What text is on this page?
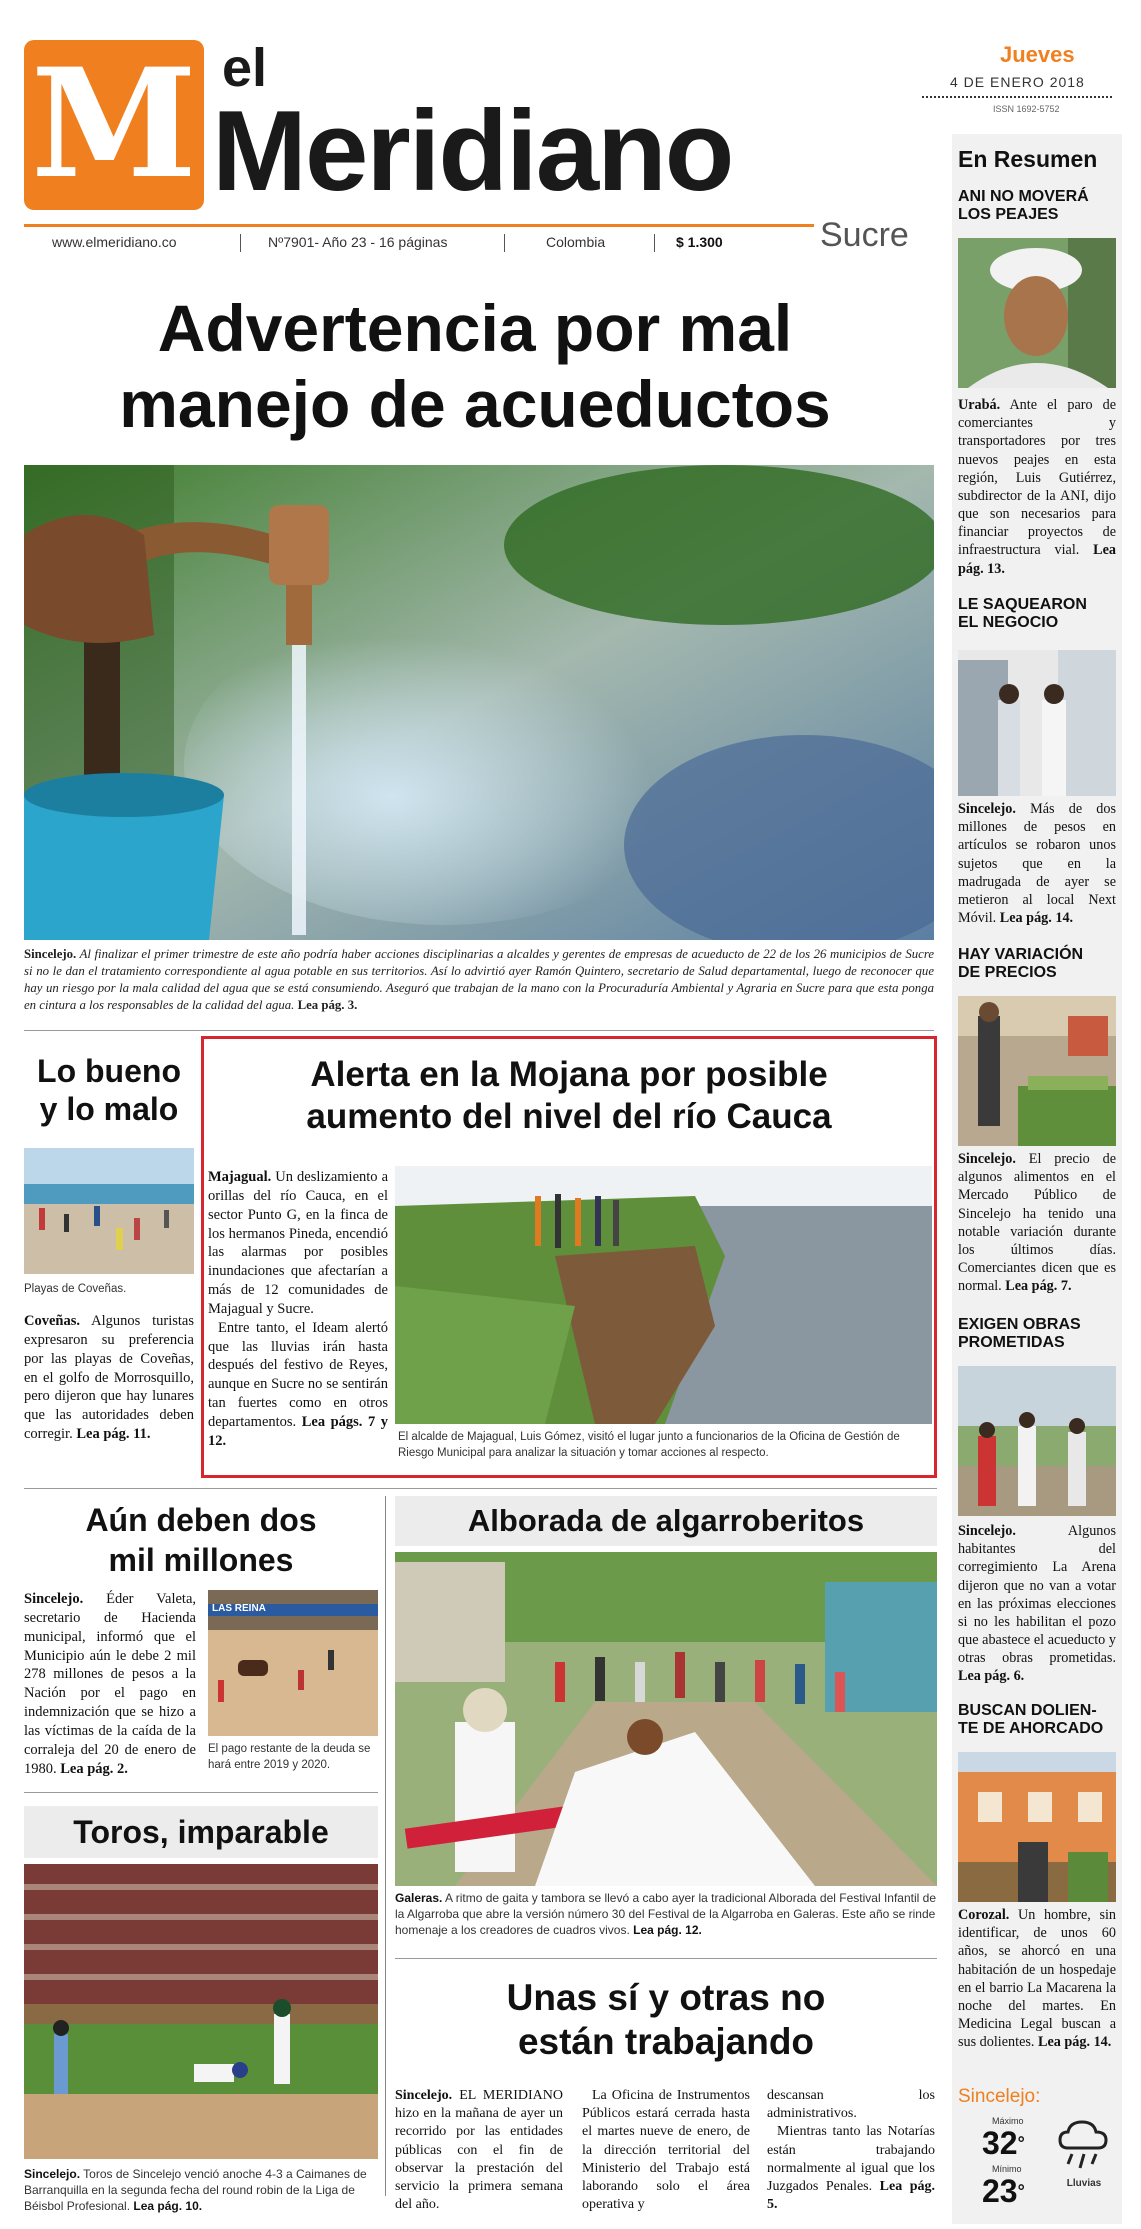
M el
Meridiano
Sucre
www.elmeridiano.co	Nº7901- Año 23 - 16 páginas	Colombia	$ 1.300
Jueves
4 DE ENERO 2018
ISSN 1692-5752
Advertencia por mal
manejo de acueductos
Sincelejo. Al finalizar el primer trimestre de este año podría haber acciones disciplinarias a alcaldes y gerentes de empresas de acueducto de 22 de los 26 municipios de Sucre si no le dan el tratamiento correspondiente al agua potable en sus territorios. Así lo advirtió ayer Ramón Quintero, secretario de Salud departamental, luego de reconocer que hay un riesgo por la mala calidad del agua que se está consumiendo. Aseguró que trabajan de la mano con la Procuraduría Ambiental y Agraria en Sucre para que esta ponga en cintura a los responsables de la calidad del agua. Lea pág. 3.
Lo bueno
y lo malo
Playas de Coveñas.
Coveñas. Algunos turistas expresaron su preferencia por las playas de Coveñas, en el golfo de Morrosquillo, pero dijeron que hay lunares que las autoridades deben corregir. Lea pág. 11.
Alerta en la Mojana por posible
aumento del nivel del río Cauca
Majagual. Un deslizamiento a orillas del río Cauca, en el sector Punto G, en la finca de los hermanos Pineda, encendió las alarmas por posibles inundaciones que afectarían a más de 12 comunidades de Majagual y Sucre.
Entre tanto, el Ideam alertó que las lluvias irán hasta después del festivo de Reyes, aunque en Sucre no se sentirán tan fuertes como en otros departamentos. Lea págs. 7 y 12.	El alcalde de Majagual, Luis Gómez, visitó el lugar junto a funcionarios de la Oficina de Gestión de Riesgo Municipal para analizar la situación y tomar acciones al respecto.
Aún deben dos
mil millones
Sincelejo. Éder Valeta, secretario de Hacienda municipal, informó que el Municipio aún le debe 2 mil 278 millones de pesos a la Nación por el pago en indemnización que se hizo a las víctimas de la caída de la corraleja del 20 de enero de 1980. Lea pág. 2.
LAS REINA
El pago restante de la deuda se hará entre 2019 y 2020.
Toros, imparable
Sincelejo. Toros de Sincelejo venció anoche 4-3 a Caimanes de Barranquilla en la segunda fecha del round robin de la Liga de Béisbol Profesional. Lea pág. 10.
Alborada de algarroberitos
Galeras. A ritmo de gaita y tambora se llevó a cabo ayer la tradicional Alborada del Festival Infantil de la Algarroba que abre la versión número 30 del Festival de la Algarroba en Galeras. Este año se rinde homenaje a los creadores de cuadros vivos. Lea pág. 12.
Unas sí y otras no
están trabajando
Sincelejo. EL MERIDIANO hizo en la mañana de ayer un recorrido por las entidades públicas con el fin de observar la prestación del servicio la primera semana del año.
La Oficina de Instrumentos Públicos estará cerrada hasta el martes nueve de enero, de la dirección territorial del Ministerio del Trabajo está laborando solo el área operativa y
descansan los administrativos.
Mientras tanto las Notarías están trabajando normalmente al igual que los Juzgados Penales. Lea pág. 5.
En Resumen
ANI NO MOVERÁ
LOS PEAJES
Urabá. Ante el paro de comerciantes y transportadores por tres nuevos peajes en esta región, Luis Gutiérrez, subdirector de la ANI, dijo que son necesarios para financiar proyectos de infraestructura vial. Lea pág. 13.
LE SAQUEARON
EL NEGOCIO
Sincelejo. Más de dos millones de pesos en artículos se robaron unos sujetos que en la madrugada de ayer se metieron al local Next Móvil. Lea pág. 14.
HAY VARIACIÓN
DE PRECIOS
Sincelejo. El precio de algunos alimentos en el Mercado Público de Sincelejo ha tenido una notable variación durante los últimos días. Comerciantes dicen que es normal. Lea pág. 7.
EXIGEN OBRAS
PROMETIDAS
Sincelejo.	Algunos habitantes del corregimiento La Arena dijeron que no van a votar en las próximas elecciones si no les habilitan el pozo que abastece el acueducto y otras obras prometidas. Lea pág. 6.
BUSCAN DOLIEN-
TE DE AHORCADO
Corozal. Un hombre, sin identificar, de unos 60 años, se ahorcó en una habitación de un hospedaje en el barrio La Macarena la noche del martes. En Medicina Legal buscan a sus dolientes. Lea pág. 14.
Sincelejo:
Máximo
32°
Mínimo
23°	Lluvias
